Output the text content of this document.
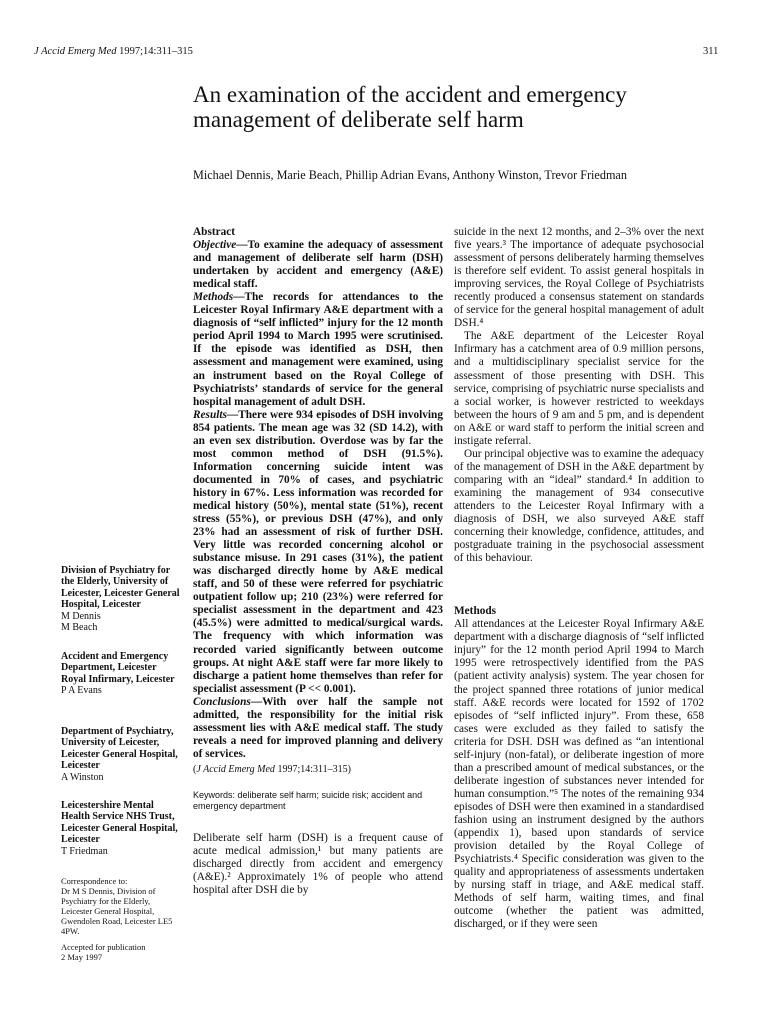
J Accid Emerg Med 1997;14:311–315	311
An examination of the accident and emergency management of deliberate self harm

Michael Dennis, Marie Beach, Phillip Adrian Evans, Anthony Winston, Trevor Friedman

Division of Psychiatry for the Elderly, University of Leicester, Leicester General Hospital, Leicester

M Dennis

M Beach

Accident and Emergency Department, Leicester Royal Infirmary, Leicester

P A Evans

Department of Psychiatry, University of Leicester, Leicester General Hospital, Leicester

A Winston

Leicestershire Mental Health Service NHS Trust, Leicester General Hospital, Leicester

T Friedman

Correspondence to:

Dr M S Dennis, Division of Psychiatry for the Elderly, Leicester General Hospital, Gwendolen Road, Leicester LE5 4PW.

Accepted for publication

2 May 1997

Abstract

Objective—To examine the adequacy of assessment and management of deliberate self harm (DSH) undertaken by accident and emergency (A&E) medical staff.

Methods—The records for attendances to the Leicester Royal Infirmary A&E department with a diagnosis of “self inflicted” injury for the 12 month period April 1994 to March 1995 were scrutinised. If the episode was identified as DSH, then assessment and management were examined, using an instrument based on the Royal College of Psychiatrists’ standards of service for the general hospital management of adult DSH.

Results—There were 934 episodes of DSH involving 854 patients. The mean age was 32 (SD 14.2), with an even sex distribution. Overdose was by far the most common method of DSH (91.5%). Information concerning suicide intent was documented in 70% of cases, and psychiatric history in 67%. Less information was recorded for medical history (50%), mental state (51%), recent stress (55%), or previous DSH (47%), and only 23% had an assessment of risk of further DSH. Very little was recorded concerning alcohol or substance misuse. In 291 cases (31%), the patient was discharged directly home by A&E medical staff, and 50 of these were referred for psychiatric outpatient follow up; 210 (23%) were referred for specialist assessment in the department and 423 (45.5%) were admitted to medical/surgical wards. The frequency with which information was recorded varied significantly between outcome groups. At night A&E staff were far more likely to discharge a patient home themselves than refer for specialist assessment (P << 0.001).

Conclusions—With over half the sample not admitted, the responsibility for the initial risk assessment lies with A&E medical staff. The study reveals a need for improved planning and delivery of services.

(J Accid Emerg Med 1997;14:311–315)

Keywords: deliberate self harm; suicide risk; accident and emergency department

Deliberate self harm (DSH) is a frequent cause of acute medical admission,¹ but many patients are discharged directly from accident and emergency (A&E).² Approximately 1% of people who attend hospital after DSH die by

suicide in the next 12 months, and 2–3% over the next five years.³ The importance of adequate psychosocial assessment of persons deliberately harming themselves is therefore self evident. To assist general hospitals in improving services, the Royal College of Psychiatrists recently produced a consensus statement on standards of service for the general hospital management of adult DSH.⁴

The A&E department of the Leicester Royal Infirmary has a catchment area of 0.9 million persons, and a multidisciplinary specialist service for the assessment of those presenting with DSH. This service, comprising of psychiatric nurse specialists and a social worker, is however restricted to weekdays between the hours of 9 am and 5 pm, and is dependent on A&E or ward staff to perform the initial screen and instigate referral.

Our principal objective was to examine the adequacy of the management of DSH in the A&E department by comparing with an “ideal” standard.⁴ In addition to examining the management of 934 consecutive attenders to the Leicester Royal Infirmary with a diagnosis of DSH, we also surveyed A&E staff concerning their knowledge, confidence, attitudes, and postgraduate training in the psychosocial assessment of this behaviour.

Methods

All attendances at the Leicester Royal Infirmary A&E department with a discharge diagnosis of “self inflicted injury” for the 12 month period April 1994 to March 1995 were retrospectively identified from the PAS (patient activity analysis) system. The year chosen for the project spanned three rotations of junior medical staff. A&E records were located for 1592 of 1702 episodes of “self inflicted injury”. From these, 658 cases were excluded as they failed to satisfy the criteria for DSH. DSH was defined as “an intentional self-injury (non-fatal), or deliberate ingestion of more than a prescribed amount of medical substances, or the deliberate ingestion of substances never intended for human consumption.”⁵ The notes of the remaining 934 episodes of DSH were then examined in a standardised fashion using an instrument designed by the authors (appendix 1), based upon standards of service provision detailed by the Royal College of Psychiatrists.⁴ Specific consideration was given to the quality and appropriateness of assessments undertaken by nursing staff in triage, and A&E medical staff. Methods of self harm, waiting times, and final outcome (whether the patient was admitted, discharged, or if they were seen
